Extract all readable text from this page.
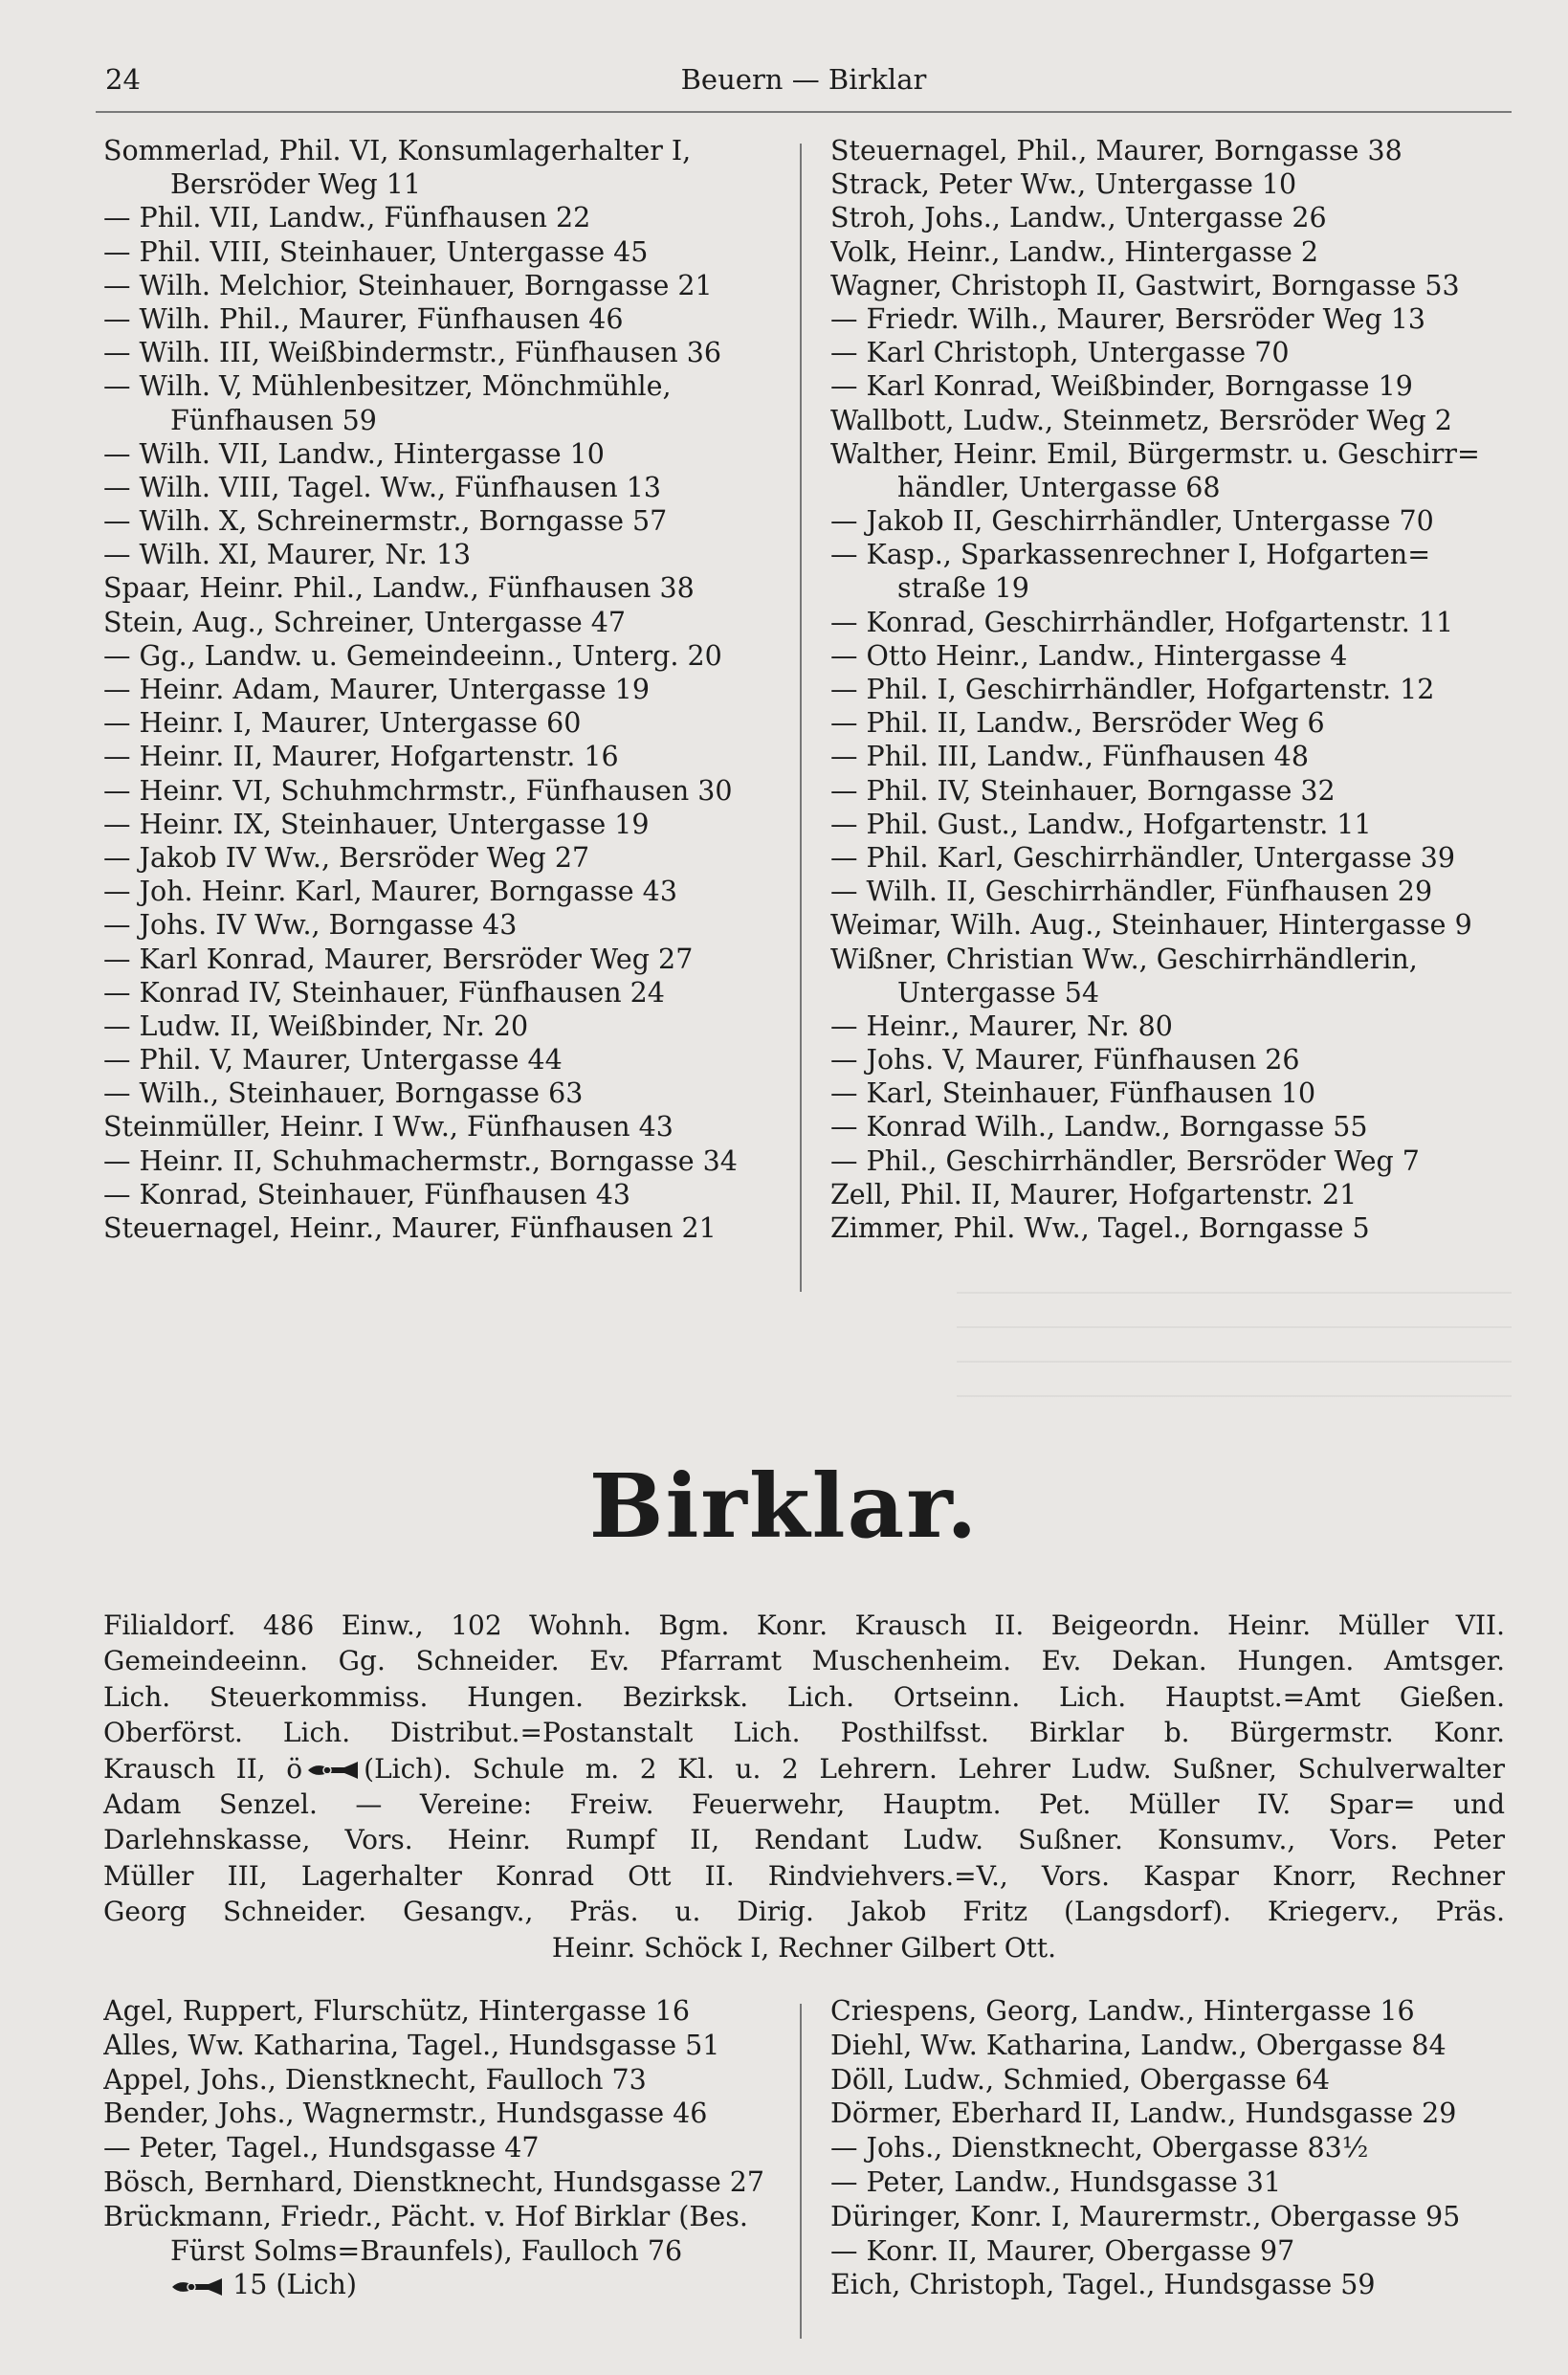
24	Beuern — Birklar
Sommerlad, Phil. VI, Konsumlagerhalter I,
Bersröder Weg 11
— Phil. VII, Landw., Fünfhausen 22
— Phil. VIII, Steinhauer, Untergasse 45
— Wilh. Melchior, Steinhauer, Borngasse 21
— Wilh. Phil., Maurer, Fünfhausen 46
— Wilh. III, Weißbindermstr., Fünfhausen 36
— Wilh. V, Mühlenbesitzer, Mönchmühle,
Fünfhausen 59
— Wilh. VII, Landw., Hintergasse 10
— Wilh. VIII, Tagel. Ww., Fünfhausen 13
— Wilh. X, Schreinermstr., Borngasse 57
— Wilh. XI, Maurer, Nr. 13
Spaar, Heinr. Phil., Landw., Fünfhausen 38
Stein, Aug., Schreiner, Untergasse 47
— Gg., Landw. u. Gemeindeeinn., Unterg. 20
— Heinr. Adam, Maurer, Untergasse 19
— Heinr. I, Maurer, Untergasse 60
— Heinr. II, Maurer, Hofgartenstr. 16
— Heinr. VI, Schuhmchrmstr., Fünfhausen 30
— Heinr. IX, Steinhauer, Untergasse 19
— Jakob IV Ww., Bersröder Weg 27
— Joh. Heinr. Karl, Maurer, Borngasse 43
— Johs. IV Ww., Borngasse 43
— Karl Konrad, Maurer, Bersröder Weg 27
— Konrad IV, Steinhauer, Fünfhausen 24
— Ludw. II, Weißbinder, Nr. 20
— Phil. V, Maurer, Untergasse 44
— Wilh., Steinhauer, Borngasse 63
Steinmüller, Heinr. I Ww., Fünfhausen 43
— Heinr. II, Schuhmachermstr., Borngasse 34
— Konrad, Steinhauer, Fünfhausen 43
Steuernagel, Heinr., Maurer, Fünfhausen 21
Steuernagel, Phil., Maurer, Borngasse 38
Strack, Peter Ww., Untergasse 10
Stroh, Johs., Landw., Untergasse 26
Volk, Heinr., Landw., Hintergasse 2
Wagner, Christoph II, Gastwirt, Borngasse 53
— Friedr. Wilh., Maurer, Bersröder Weg 13
— Karl Christoph, Untergasse 70
— Karl Konrad, Weißbinder, Borngasse 19
Wallbott, Ludw., Steinmetz, Bersröder Weg 2
Walther, Heinr. Emil, Bürgermstr. u. Geschirr=
händler, Untergasse 68
— Jakob II, Geschirrhändler, Untergasse 70
— Kasp., Sparkassenrechner I, Hofgarten=
straße 19
— Konrad, Geschirrhändler, Hofgartenstr. 11
— Otto Heinr., Landw., Hintergasse 4
— Phil. I, Geschirrhändler, Hofgartenstr. 12
— Phil. II, Landw., Bersröder Weg 6
— Phil. III, Landw., Fünfhausen 48
— Phil. IV, Steinhauer, Borngasse 32
— Phil. Gust., Landw., Hofgartenstr. 11
— Phil. Karl, Geschirrhändler, Untergasse 39
— Wilh. II, Geschirrhändler, Fünfhausen 29
Weimar, Wilh. Aug., Steinhauer, Hintergasse 9
Wißner, Christian Ww., Geschirrhändlerin,
Untergasse 54
— Heinr., Maurer, Nr. 80
— Johs. V, Maurer, Fünfhausen 26
— Karl, Steinhauer, Fünfhausen 10
— Konrad Wilh., Landw., Borngasse 55
— Phil., Geschirrhändler, Bersröder Weg 7
Zell, Phil. II, Maurer, Hofgartenstr. 21
Zimmer, Phil. Ww., Tagel., Borngasse 5
Birklar.
Filialdorf. 486 Einw., 102 Wohnh. Bgm. Konr. Krausch II. Beigeordn. Heinr. Müller VII.
Gemeindeeinn. Gg. Schneider. Ev. Pfarramt Muschenheim. Ev. Dekan. Hungen. Amtsger.
Lich. Steuerkommiss. Hungen. Bezirksk. Lich. Ortseinn. Lich. Hauptst.=Amt Gießen.
Oberförst. Lich. Distribut.=Postanstalt Lich. Posthilfsst. Birklar b. Bürgermstr. Konr.
Krausch II, ö (Lich). Schule m. 2 Kl. u. 2 Lehrern. Lehrer Ludw. Sußner, Schulverwalter
Adam Senzel. — Vereine: Freiw. Feuerwehr, Hauptm. Pet. Müller IV. Spar= und
Darlehnskasse, Vors. Heinr. Rumpf II, Rendant Ludw. Sußner. Konsumv., Vors. Peter
Müller III, Lagerhalter Konrad Ott II. Rindviehvers.=V., Vors. Kaspar Knorr, Rechner
Georg Schneider. Gesangv., Präs. u. Dirig. Jakob Fritz (Langsdorf). Kriegerv., Präs.
Heinr. Schöck I, Rechner Gilbert Ott.
Agel, Ruppert, Flurschütz, Hintergasse 16
Alles, Ww. Katharina, Tagel., Hundsgasse 51
Appel, Johs., Dienstknecht, Faulloch 73
Bender, Johs., Wagnermstr., Hundsgasse 46
— Peter, Tagel., Hundsgasse 47
Bösch, Bernhard, Dienstknecht, Hundsgasse 27
Brückmann, Friedr., Pächt. v. Hof Birklar (Bes.
Fürst Solms=Braunfels), Faulloch 76
15 (Lich)
Criespens, Georg, Landw., Hintergasse 16
Diehl, Ww. Katharina, Landw., Obergasse 84
Döll, Ludw., Schmied, Obergasse 64
Dörmer, Eberhard II, Landw., Hundsgasse 29
— Johs., Dienstknecht, Obergasse 83½
— Peter, Landw., Hundsgasse 31
Düringer, Konr. I, Maurermstr., Obergasse 95
— Konr. II, Maurer, Obergasse 97
Eich, Christoph, Tagel., Hundsgasse 59
